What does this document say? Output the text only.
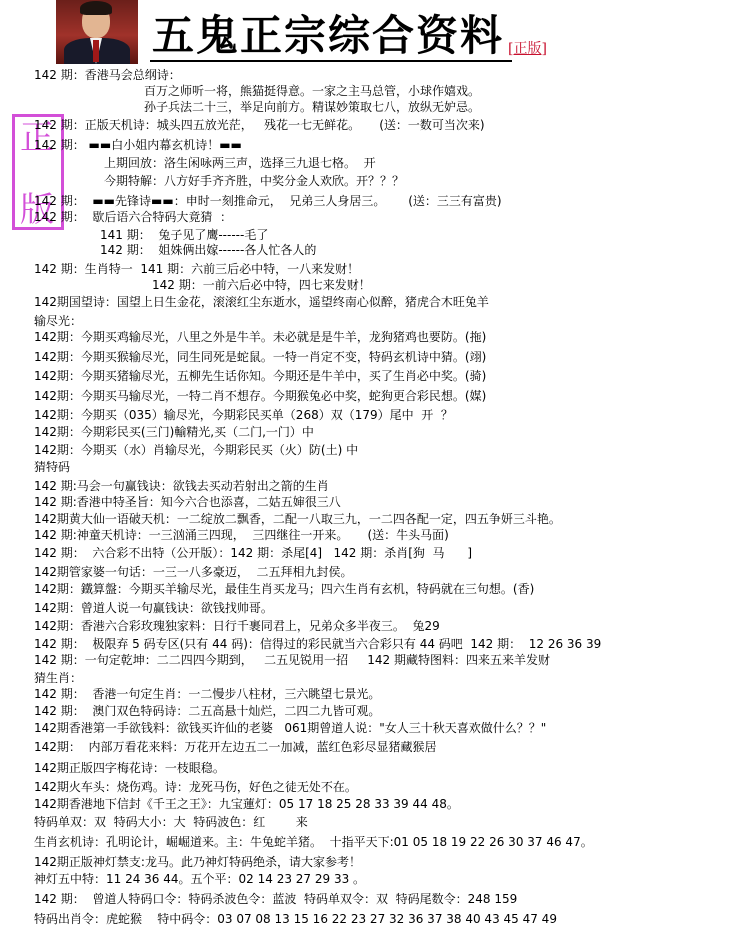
五鬼正宗综合资料 [正版]
正
版
142 期：香港马会总纲诗：
百万之师听一将，熊猫挺得意。一家之主马总管，小球作嬉戏。
孙子兵法二十三，举足向前方。精谋妙策取七八，放纵无妒忌。
142 期：正版天机诗：城头四五放光茫，   残花一七无鲜花。     (送：一数可当次来)
142 期： ▬▬白小姐内幕玄机诗！▬▬
上期回放：洛生闲咏两三声，选择三九退七格。  开
今期特解：八方好手齐齐胜，中奖分金人欢欣。开？？？
142 期：  ▬▬先锋诗▬▬：申时一刻推命元，  兄弟三人身居三。      (送：三三有富贵)
142 期：  歇后语六合特码大竟猜  ：
141 期：  兔子见了鹰------毛了
142 期：  姐姝俩出嫁------各人忙各人的
142 期：生肖特一  141 期：六前三后必中特，一八来发财！
142 期：一前六后必中特，四七来发财！
142期国望诗：国望上日生金花，滚滚红尘东逝水，遥望终南心似醉，猪虎合木旺兔羊
输尽光：
142期：今期买鸡输尽光，八里之外是牛羊。未必就是是牛羊，龙狗猪鸡也要防。(拖)
142期：今期买猴输尽光，同生同死是蛇鼠。一特一肖定不变，特码玄机诗中猜。(翊)
142期：今期买猪输尽光，五柳先生话你知。今期还是牛羊中，买了生肖必中奖。(骑)
142期：今期买马输尽光，一特二肖不想存。今期猴兔必中奖，蛇狗更合彩民想。(媒)
142期：今期买（035）输尽光，今期彩民买单（268）双（179）尾中  开  ？
142期：今期彩民买(三门)輸精光,买（二门,一门）中
142期：今期买（水）肖输尽光，今期彩民买（火）防(土) 中
猜特码
142 期:马会一句赢钱诀：欲钱去买动若射出之箭的生肖
142 期:香港中特圣旨：知今六合也添喜，二姑五婶很三八
142期黄大仙一语破天机：一二绽放二飘香，二配一八取三九，一二四各配一定，四五争妍三斗艳。
142 期:神童天机诗：一三汹涌三四现，  三四继往一开来。     (送：牛头马面)
142 期：  六合彩不出特（公开版）：142 期：杀尾[4]   142 期：杀肖[狗  马      ]
142期管家婆一句话：一三一八多豪迈，  二五拜相九封侯。
142期：鐵算盤：今期买羊输尽光，最佳生肖买龙马；四六生肖有玄机，特码就在三句想。(香)
142期：曾道人说一句赢钱诀：欲钱找帅哥。
142期：香港六合彩玫瑰独家料：日行千裹同君上，兄弟众多半夜三。  兔29
142 期：  极限弃 5 码专区(只有 44 码)：信得过的彩民就当六合彩只有 44 码吧  142 期：  12 26 36 39
142 期：一句定乾坤：二二四四今期到，   二五见锐用一招     142 期藏特图料：四来五来羊发财
猜生肖：
142 期：  香港一句定生肖：一二慢步八柱材，三六眺望七景光。
142 期：  澳门双色特码诗：二五高悬十灿烂，二四二九皆可观。
142期香港第一手欲钱料：欲钱买许仙的老婆   061期曾道人说："女人三十秋天喜欢做什么？？"
142期：  内部万看花来料：万花开左边五二一加减，蓝红色彩尽显猪藏猴居
142期正版四字梅花诗：一枝眼稳。
142期火车头：烧伤鸡。诗：龙死马伤，好色之徒无处不在。
142期香港地下信封《千王之王》：九宝蓮灯：05 17 18 25 28 33 39 44 48。
特码单双：双  特码大小：大  特码波色：红        来
生肖玄机诗：孔明论计，崛崛道来。主：牛兔蛇羊猪。  十指平天下:01 05 18 19 22 26 30 37 46 47。
142期正版神灯禁支:龙马。此乃神灯特码绝杀，请大家参考！
神灯五中特：11 24 36 44。五个平：02 14 23 27 29 33 。
142 期：  曾道人特码口令：特码杀波色令：蓝波  特码单双令：双  特码尾数令：248 159
特码出肖令：虎蛇猴    特中码令：03 07 08 13 15 16 22 23 27 32 36 37 38 40 43 45 47 49
